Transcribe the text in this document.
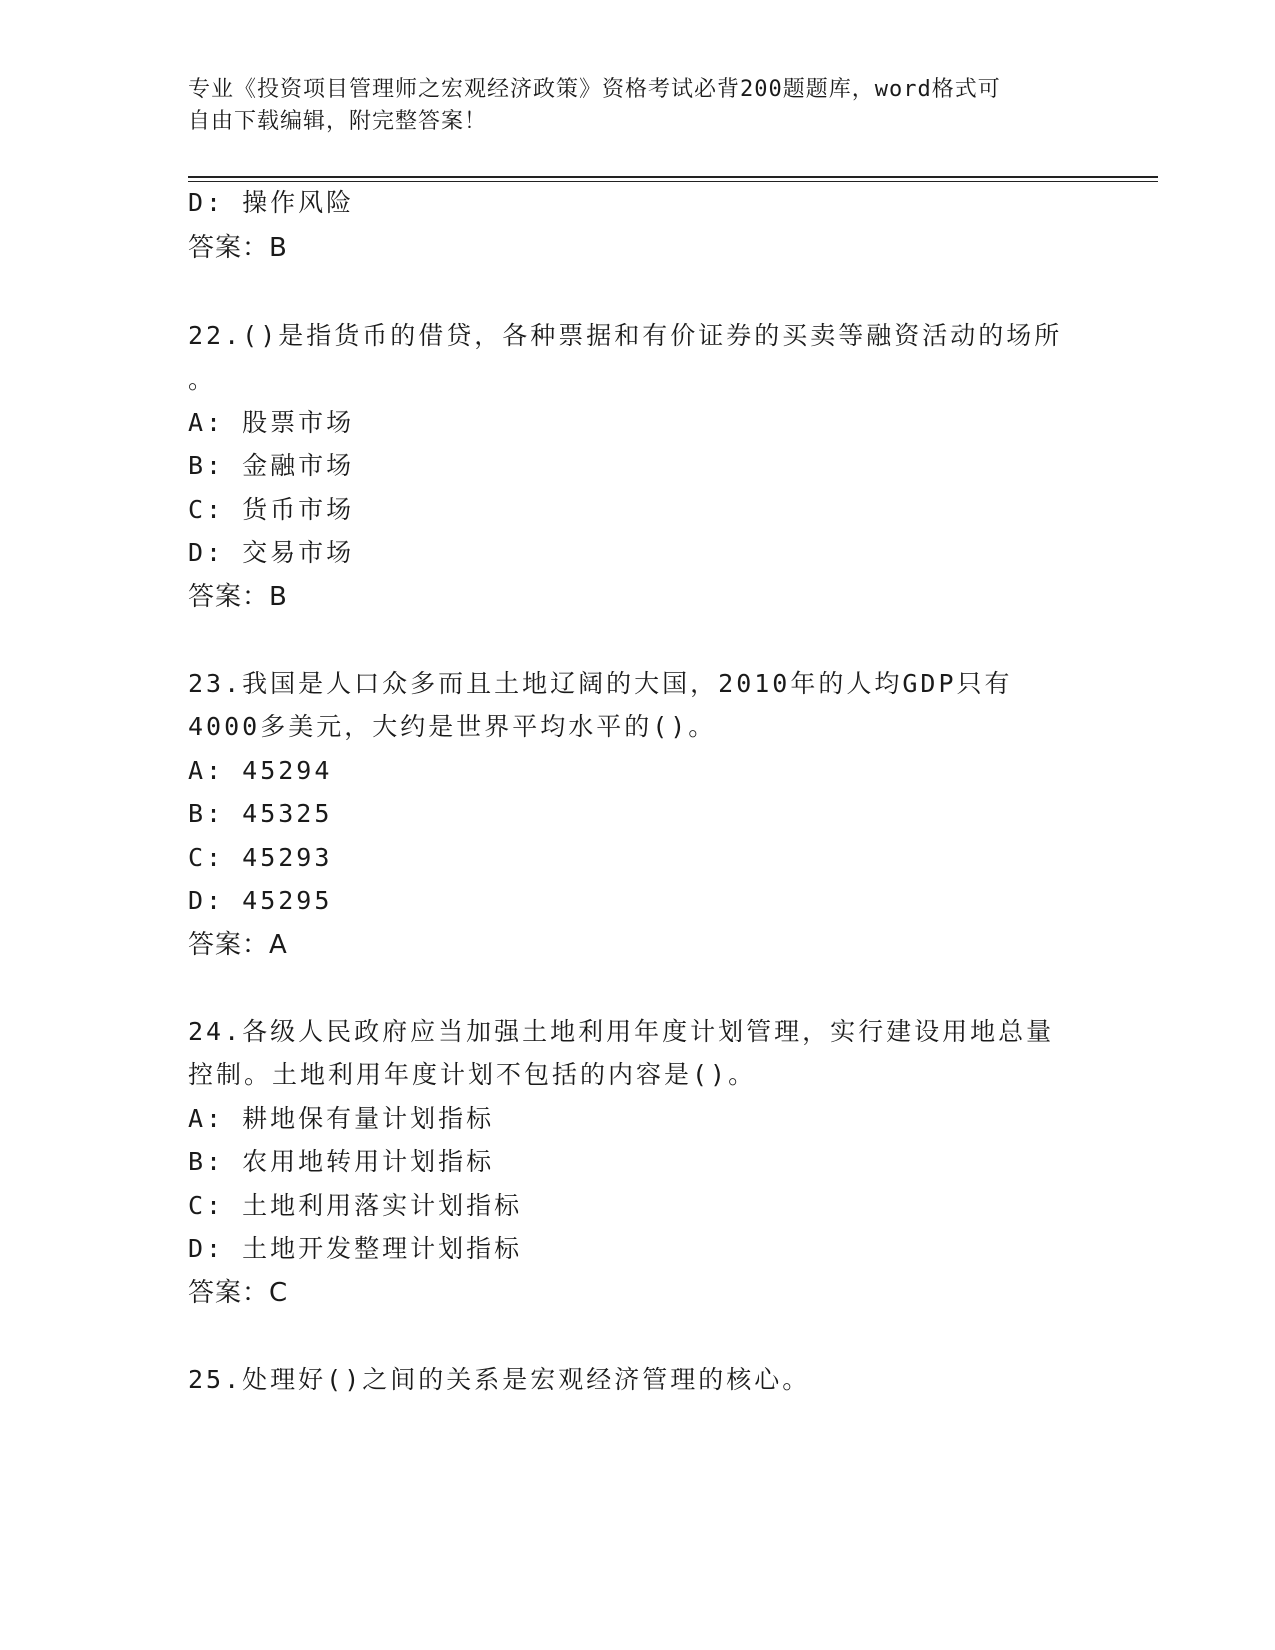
专业《投资项目管理师之宏观经济政策》资格考试必背200题题库，word格式可
自由下载编辑，附完整答案！
D: 操作风险
答案：B
22.()是指货币的借贷，各种票据和有价证券的买卖等融资活动的场所
。
A: 股票市场
B: 金融市场
C: 货币市场
D: 交易市场
答案：B
23.我国是人口众多而且土地辽阔的大国，2010年的人均GDP只有
4000多美元，大约是世界平均水平的()。
A: 45294
B: 45325
C: 45293
D: 45295
答案：A
24.各级人民政府应当加强土地利用年度计划管理，实行建设用地总量
控制。土地利用年度计划不包括的内容是()。
A: 耕地保有量计划指标
B: 农用地转用计划指标
C: 土地利用落实计划指标
D: 土地开发整理计划指标
答案：C
25.处理好()之间的关系是宏观经济管理的核心。
